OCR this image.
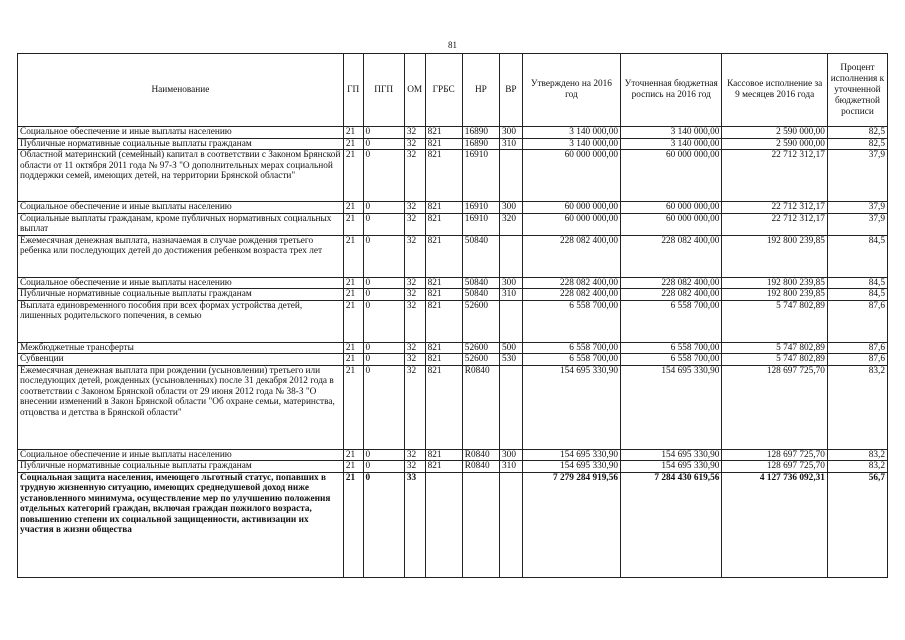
81
Наименование	ГП	ПГП	ОМ	ГРБС	НР	ВР	Утверждено на 2016 год	Уточненная бюджетная роспись на 2016 год	Кассовое исполнение за 9 месяцев 2016 года	Процент исполнения к уточненной бюджетной росписи
Социальное обеспечение и иные выплаты населению	21	0	32	821	16890	300	3 140 000,00	3 140 000,00	2 590 000,00	82,5
Публичные нормативные социальные выплаты гражданам	21	0	32	821	16890	310	3 140 000,00	3 140 000,00	2 590 000,00	82,5
Областной материнский (семейный) капитал в соответствии с Законом Брянской области от 11 октября 2011 года № 97-З "О дополнительных мерах социальной поддержки семей, имеющих детей, на территории Брянской области"	21	0	32	821	16910		60 000 000,00	60 000 000,00	22 712 312,17	37,9
Социальное обеспечение и иные выплаты населению	21	0	32	821	16910	300	60 000 000,00	60 000 000,00	22 712 312,17	37,9
Социальные выплаты гражданам, кроме публичных нормативных социальных выплат	21	0	32	821	16910	320	60 000 000,00	60 000 000,00	22 712 312,17	37,9
Ежемесячная денежная выплата, назначаемая в случае рождения третьего ребенка или последующих детей до достижения ребенком возраста трех лет	21	0	32	821	50840		228 082 400,00	228 082 400,00	192 800 239,85	84,5
Социальное обеспечение и иные выплаты населению	21	0	32	821	50840	300	228 082 400,00	228 082 400,00	192 800 239,85	84,5
Публичные нормативные социальные выплаты гражданам	21	0	32	821	50840	310	228 082 400,00	228 082 400,00	192 800 239,85	84,5
Выплата единовременного пособия при всех формах устройства детей, лишенных родительского попечения, в семью	21	0	32	821	52600		6 558 700,00	6 558 700,00	5 747 802,89	87,6
Межбюджетные трансферты	21	0	32	821	52600	500	6 558 700,00	6 558 700,00	5 747 802,89	87,6
Субвенции	21	0	32	821	52600	530	6 558 700,00	6 558 700,00	5 747 802,89	87,6
Ежемесячная денежная выплата при рождении (усыновлении) третьего или последующих детей, рожденных (усыновленных) после 31 декабря 2012 года в соответствии с Законом Брянской области от 29 июня 2012 года № 38-З "О внесении изменений в Закон Брянской области "Об охране семьи, материнства, отцовства и детства в Брянской области"	21	0	32	821	R0840		154 695 330,90	154 695 330,90	128 697 725,70	83,2
Социальное обеспечение и иные выплаты населению	21	0	32	821	R0840	300	154 695 330,90	154 695 330,90	128 697 725,70	83,2
Публичные нормативные социальные выплаты гражданам	21	0	32	821	R0840	310	154 695 330,90	154 695 330,90	128 697 725,70	83,2
Социальная защита населения, имеющего льготный статус, попавших в трудную жизненную ситуацию, имеющих среднедушевой доход ниже установленного минимума, осуществление мер по улучшению положения отдельных категорий граждан, включая граждан пожилого возраста, повышению степени их социальной защищенности, активизации их участия в жизни общества	21	0	33				7 279 284 919,56	7 284 430 619,56	4 127 736 092,31	56,7
